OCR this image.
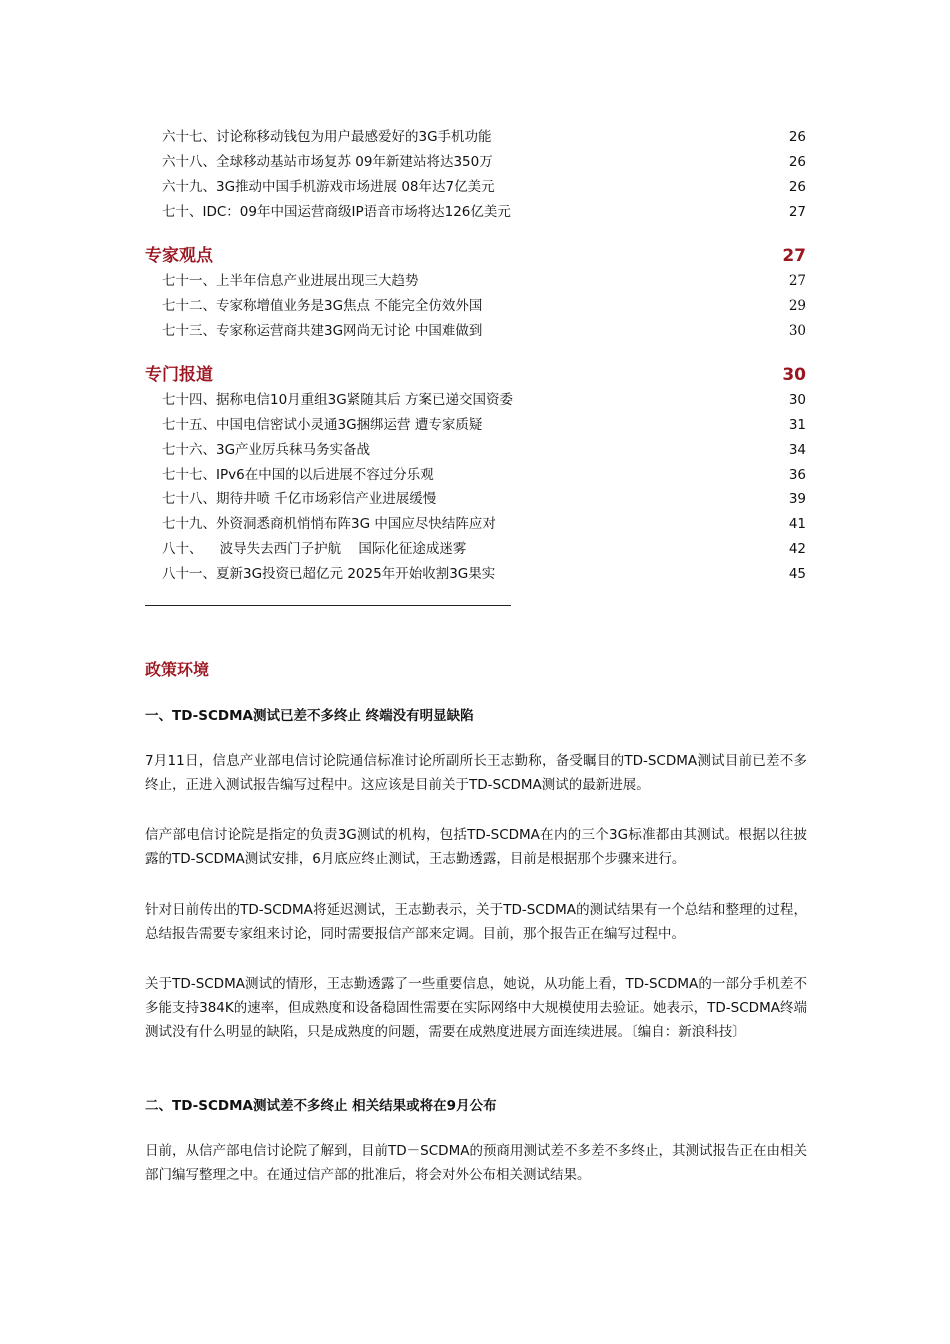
六十七、讨论称移动钱包为用户最感爱好的3G手机功能	26
六十八、全球移动基站市场复苏 09年新建站将达350万	26
六十九、3G推动中国手机游戏市场进展 08年达7亿美元	26
七十、IDC：09年中国运营商级IP语音市场将达126亿美元	27
专家观点	27
七十一、上半年信息产业进展出现三大趋势	27
七十二、专家称增值业务是3G焦点 不能完全仿效外国	29
七十三、专家称运营商共建3G网尚无讨论 中国难做到	30
专门报道	30
七十四、据称电信10月重组3G紧随其后 方案已递交国资委	30
七十五、中国电信密试小灵通3G捆绑运营 遭专家质疑	31
七十六、3G产业厉兵秣马务实备战	34
七十七、IPv6在中国的以后进展不容过分乐观	36
七十八、期待井喷 千亿市场彩信产业进展缓慢	39
七十九、外资洞悉商机悄悄布阵3G 中国应尽快结阵应对	41
八十、    波导失去西门子护航    国际化征途成迷雾	42
八十一、夏新3G投资已超亿元 2025年开始收割3G果实	45
政策环境
一、TD-SCDMA测试已差不多终止 终端没有明显缺陷
7月11日，信息产业部电信讨论院通信标准讨论所副所长王志勤称，备受瞩目的TD-SCDMA测试目前已差不多终止，正进入测试报告编写过程中。这应该是目前关于TD-SCDMA测试的最新进展。
信产部电信讨论院是指定的负责3G测试的机构，包括TD-SCDMA在内的三个3G标准都由其测试。根据以往披露的TD-SCDMA测试安排，6月底应终止测试，王志勤透露，目前是根据那个步骤来进行。
针对日前传出的TD-SCDMA将延迟测试，王志勤表示，关于TD-SCDMA的测试结果有一个总结和整理的过程，总结报告需要专家组来讨论，同时需要报信产部来定调。目前，那个报告正在编写过程中。
关于TD-SCDMA测试的情形，王志勤透露了一些重要信息，她说，从功能上看，TD-SCDMA的一部分手机差不多能支持384K的速率，但成熟度和设备稳固性需要在实际网络中大规模使用去验证。她表示，TD-SCDMA终端测试没有什么明显的缺陷，只是成熟度的问题，需要在成熟度进展方面连续进展。〔编自：新浪科技〕
二、TD-SCDMA测试差不多终止 相关结果或将在9月公布
日前，从信产部电信讨论院了解到，目前TD－SCDMA的预商用测试差不多差不多终止，其测试报告正在由相关部门编写整理之中。在通过信产部的批准后，将会对外公布相关测试结果。
